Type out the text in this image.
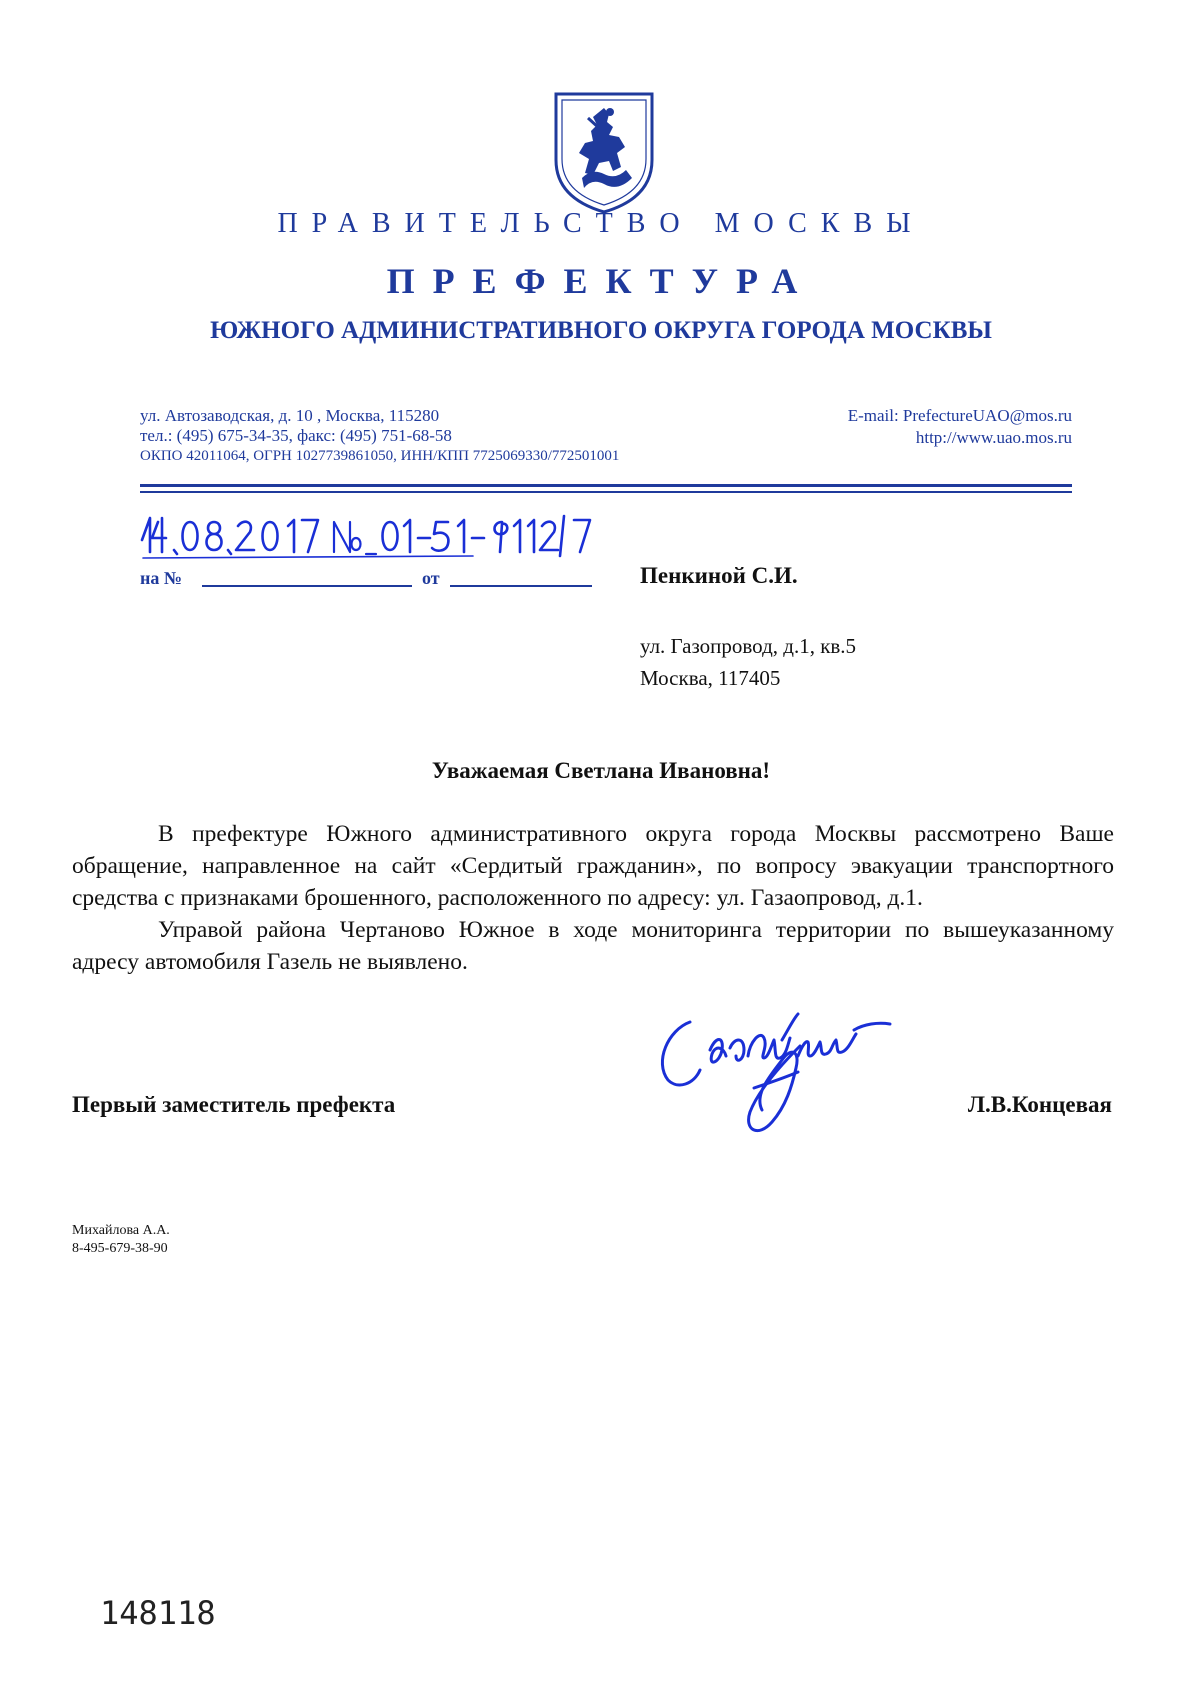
ПРАВИТЕЛЬСТВО МОСКВЫ
ПРЕФЕКТУРА
ЮЖНОГО АДМИНИСТРАТИВНОГО ОКРУГА ГОРОДА МОСКВЫ
ул. Автозаводская, д. 10 , Москва, 115280
тел.: (495) 675-34-35, факс: (495) 751-68-58
ОКПО 42011064, ОГРН 1027739861050, ИНН/КПП 7725069330/772501001
E-mail: PrefectureUAO@mos.ru
http://www.uao.mos.ru
на №	от	Пенкиной С.И.
ул. Газопровод, д.1, кв.5
Москва, 117405
Уважаемая Светлана Ивановна!

В префектуре Южного административного округа города Москвы рассмотрено Ваше обращение, направленное на сайт «Сердитый гражданин», по вопросу эвакуации транспортного средства с признаками брошенного, расположенного по адресу: ул. Газаопровод, д.1.

Управой района Чертаново Южное в ходе мониторинга территории по вышеуказанному адресу автомобиля Газель не выявлено.

Первый заместитель префекта	Л.В.Концевая
Михайлова А.А.
8-495-679-38-90
148118
